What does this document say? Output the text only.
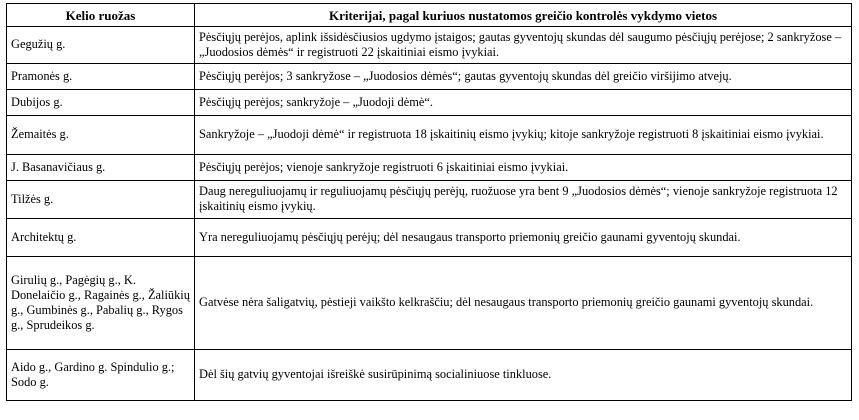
Kelio ruožas	Kriterijai, pagal kuriuos nustatomos greičio kontrolės vykdymo vietos
Gegužių g.	Pėsčiųjų perėjos, aplink išsidėsčiusios ugdymo įstaigos; gautas gyventojų skundas dėl saugumo pėsčiųjų perėjose; 2 sankryžose – „Juodosios dėmės“ ir registruoti 22 įskaitiniai eismo įvykiai.
Pramonės g.	Pėsčiųjų perėjos; 3 sankryžose – „Juodosios dėmės“; gautas gyventojų skundas dėl greičio viršijimo atvejų.
Dubijos g.	Pėsčiųjų perėjos; sankryžoje – „Juodoji dėmė“.
Žemaitės g.	Sankryžoje – „Juodoji dėmė“ ir registruota 18 įskaitinių eismo įvykių; kitoje sankryžoje registruoti 8 įskaitiniai eismo įvykiai.
J. Basanavičiaus g.	Pėsčiųjų perėjos; vienoje sankryžoje registruoti 6 įskaitiniai eismo įvykiai.
Tilžės g.	Daug nereguliuojamų ir reguliuojamų pėsčiųjų perėjų, ruožuose yra bent 9 „Juodosios dėmės“; vienoje sankryžoje registruota 12 įskaitinių eismo įvykių.
Architektų g.	Yra nereguliuojamų pėsčiųjų perėjų; dėl nesaugaus transporto priemonių greičio gaunami gyventojų skundai.
Girulių g., Pagėgių g., K. Donelaičio g., Ragainės g., Žaliūkių g., Gumbinės g., Pabalių g., Rygos g., Sprudeikos g.	Gatvėse nėra šaligatvių, pėstieji vaikšto kelkraščiu; dėl nesaugaus transporto priemonių greičio gaunami gyventojų skundai.
Aido g., Gardino g. Spindulio g.; Sodo g.	Dėl šių gatvių gyventojai išreiškė susirūpinimą socialiniuose tinkluose.
